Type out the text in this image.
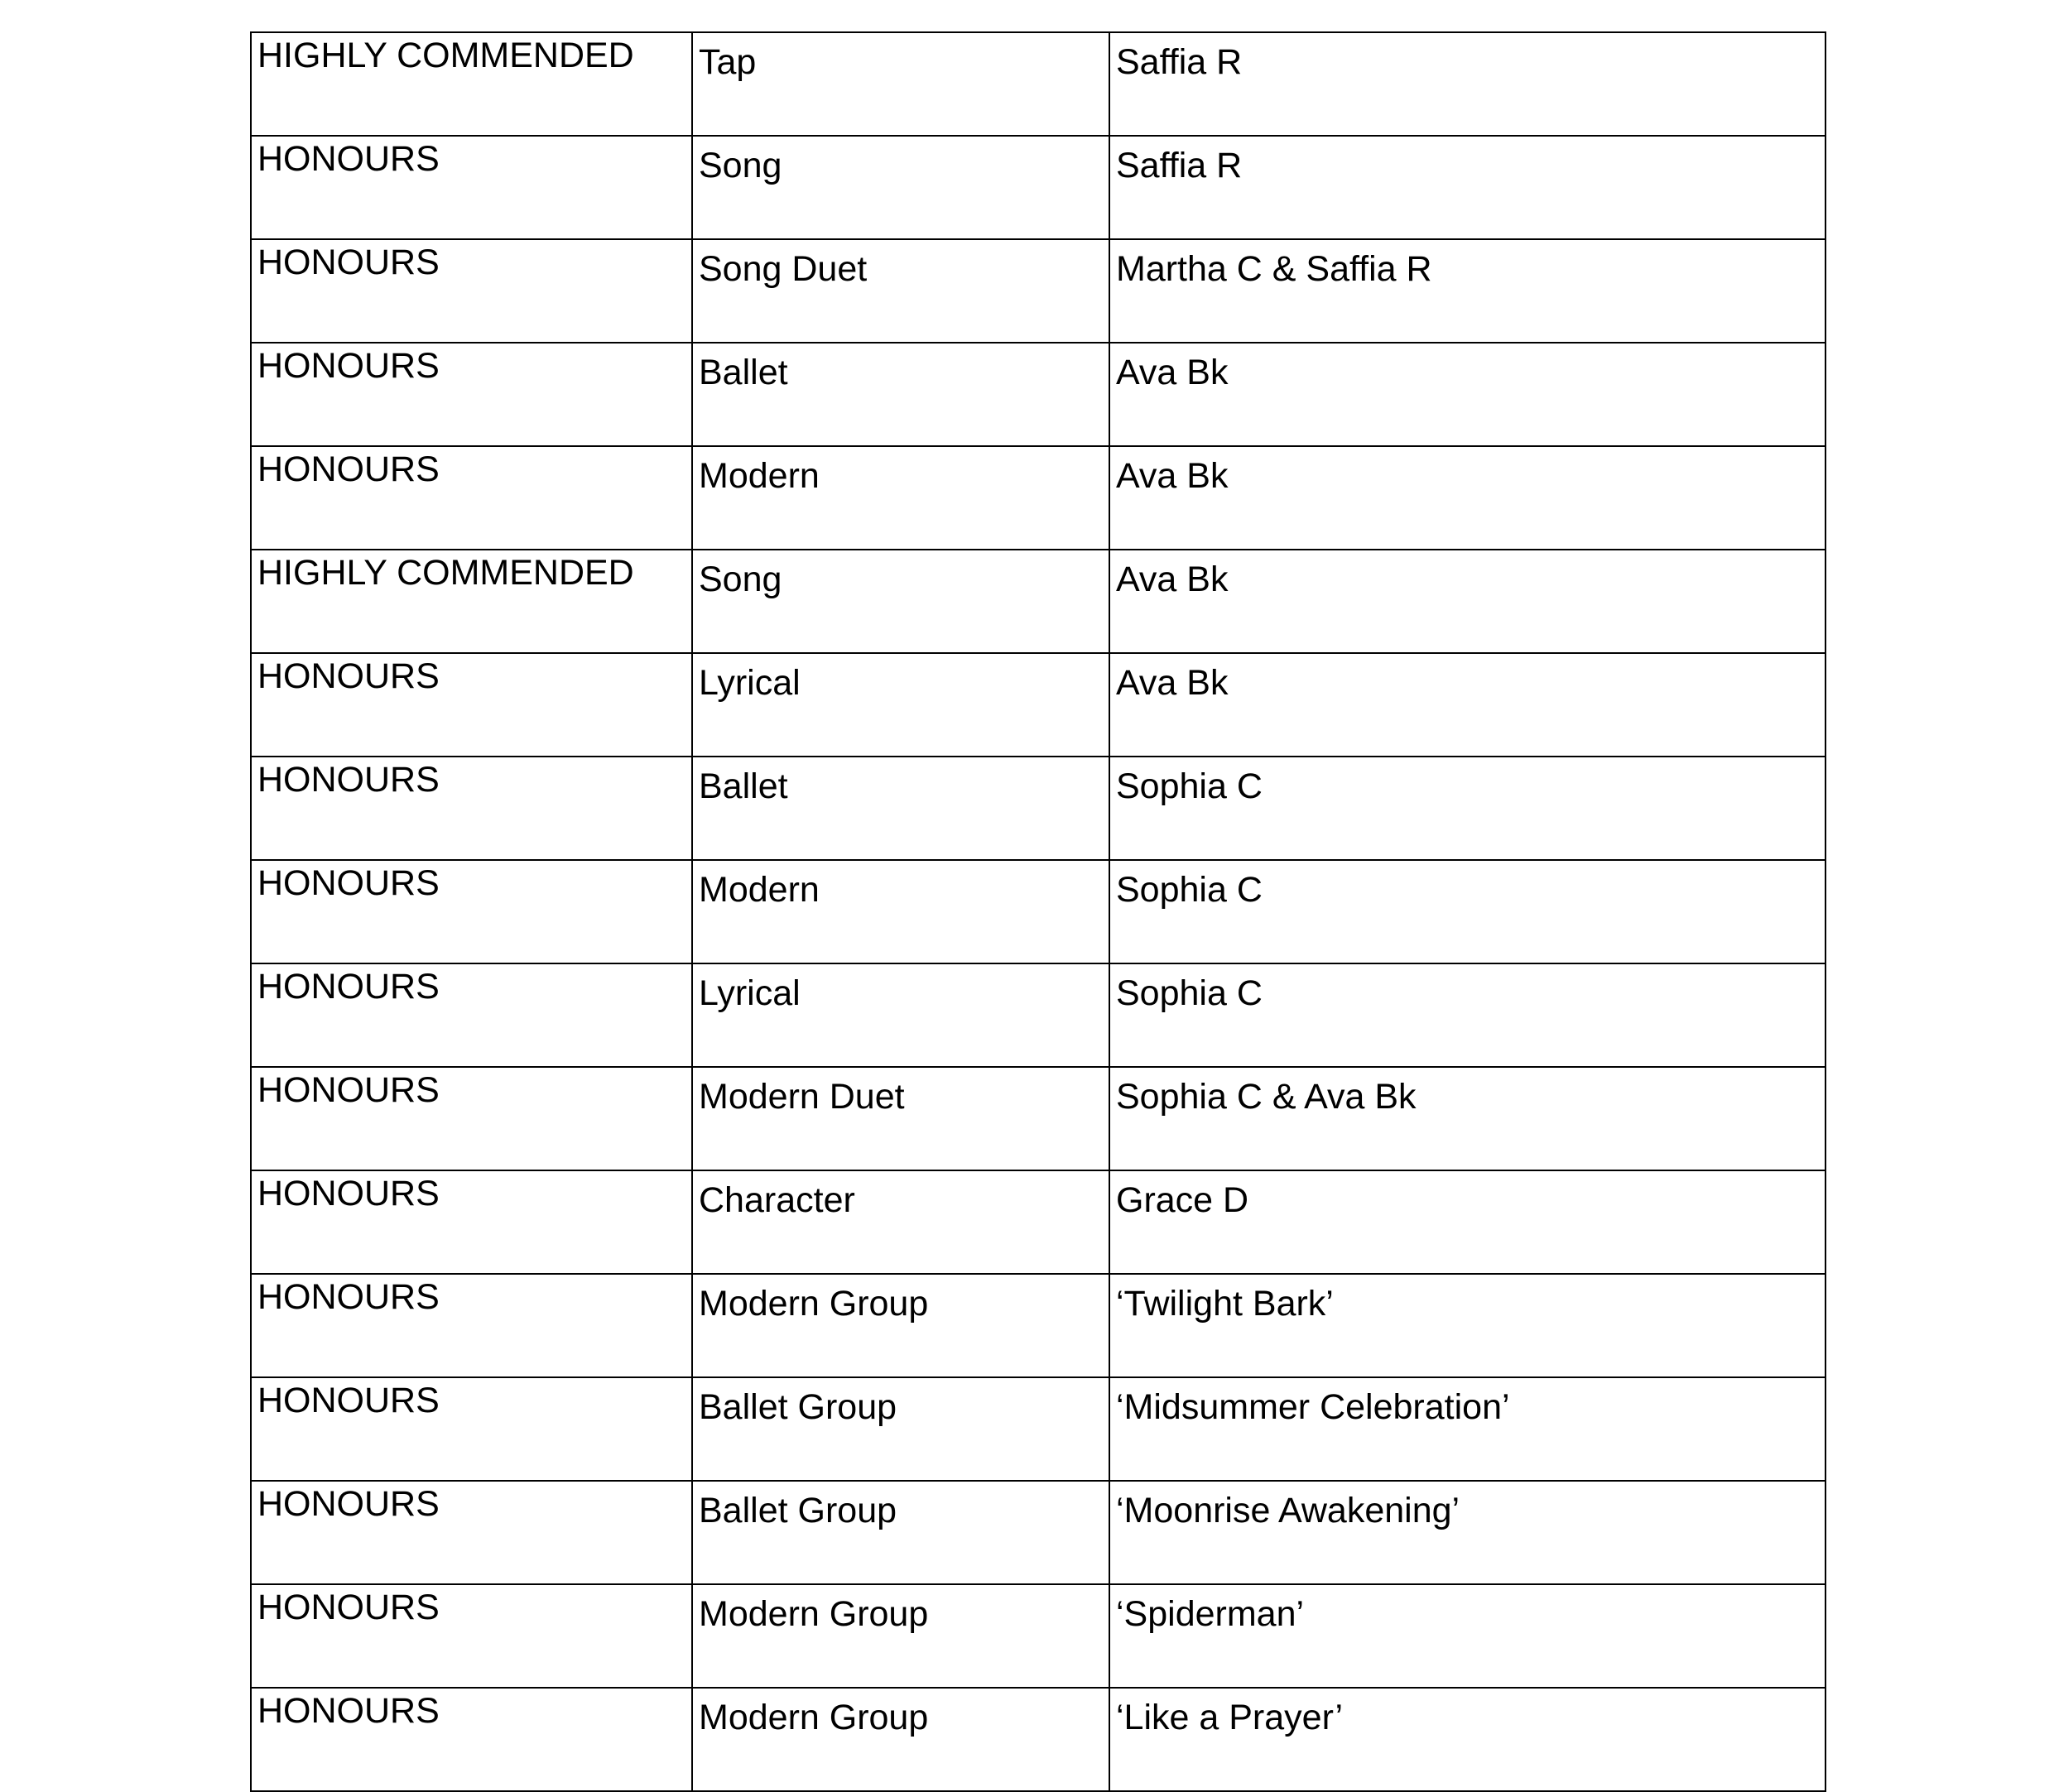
HIGHLY COMMENDED	Tap	Saffia R
HONOURS	Song	Saffia R
HONOURS	Song Duet	Martha C & Saffia R
HONOURS	Ballet	Ava Bk
HONOURS	Modern	Ava Bk
HIGHLY COMMENDED	Song	Ava Bk
HONOURS	Lyrical	Ava Bk
HONOURS	Ballet	Sophia C
HONOURS	Modern	Sophia C
HONOURS	Lyrical	Sophia C
HONOURS	Modern Duet	Sophia C & Ava Bk
HONOURS	Character	Grace D
HONOURS	Modern Group	‘Twilight Bark’
HONOURS	Ballet Group	‘Midsummer Celebration’
HONOURS	Ballet Group	‘Moonrise Awakening’
HONOURS	Modern Group	‘Spiderman’
HONOURS	Modern Group	‘Like a Prayer’
